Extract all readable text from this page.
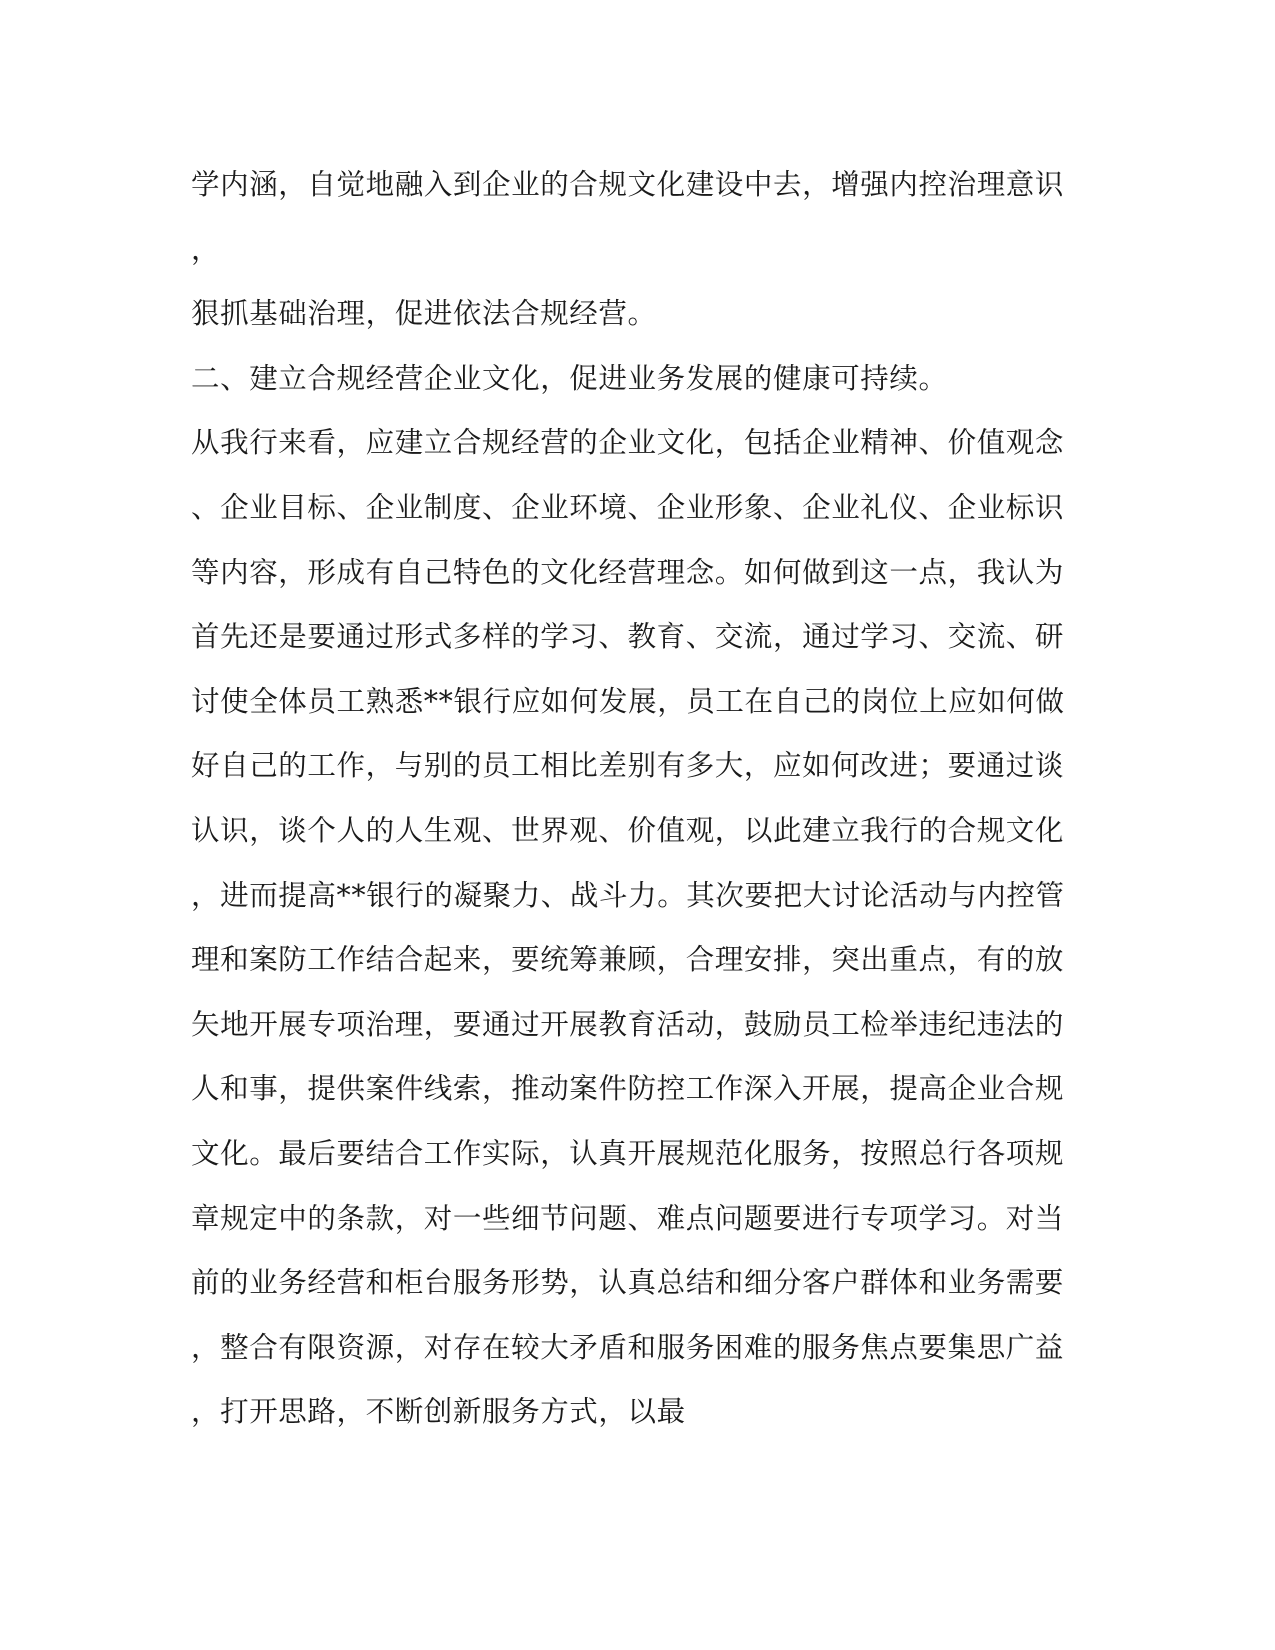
学内涵，自觉地融入到企业的合规文化建设中去，增强内控治理意识
，
狠抓基础治理，促进依法合规经营。
二、建立合规经营企业文化，促进业务发展的健康可持续。
从我行来看，应建立合规经营的企业文化，包括企业精神、价值观念
、企业目标、企业制度、企业环境、企业形象、企业礼仪、企业标识
等内容，形成有自己特色的文化经营理念。如何做到这一点，我认为
首先还是要通过形式多样的学习、教育、交流，通过学习、交流、研
讨使全体员工熟悉**银行应如何发展，员工在自己的岗位上应如何做
好自己的工作，与别的员工相比差别有多大，应如何改进；要通过谈
认识，谈个人的人生观、世界观、价值观，以此建立我行的合规文化
，进而提高**银行的凝聚力、战斗力。其次要把大讨论活动与内控管
理和案防工作结合起来，要统筹兼顾，合理安排，突出重点，有的放
矢地开展专项治理，要通过开展教育活动，鼓励员工检举违纪违法的
人和事，提供案件线索，推动案件防控工作深入开展，提高企业合规
文化。最后要结合工作实际，认真开展规范化服务，按照总行各项规
章规定中的条款，对一些细节问题、难点问题要进行专项学习。对当
前的业务经营和柜台服务形势，认真总结和细分客户群体和业务需要
，整合有限资源，对存在较大矛盾和服务困难的服务焦点要集思广益
，打开思路，不断创新服务方式，以最
